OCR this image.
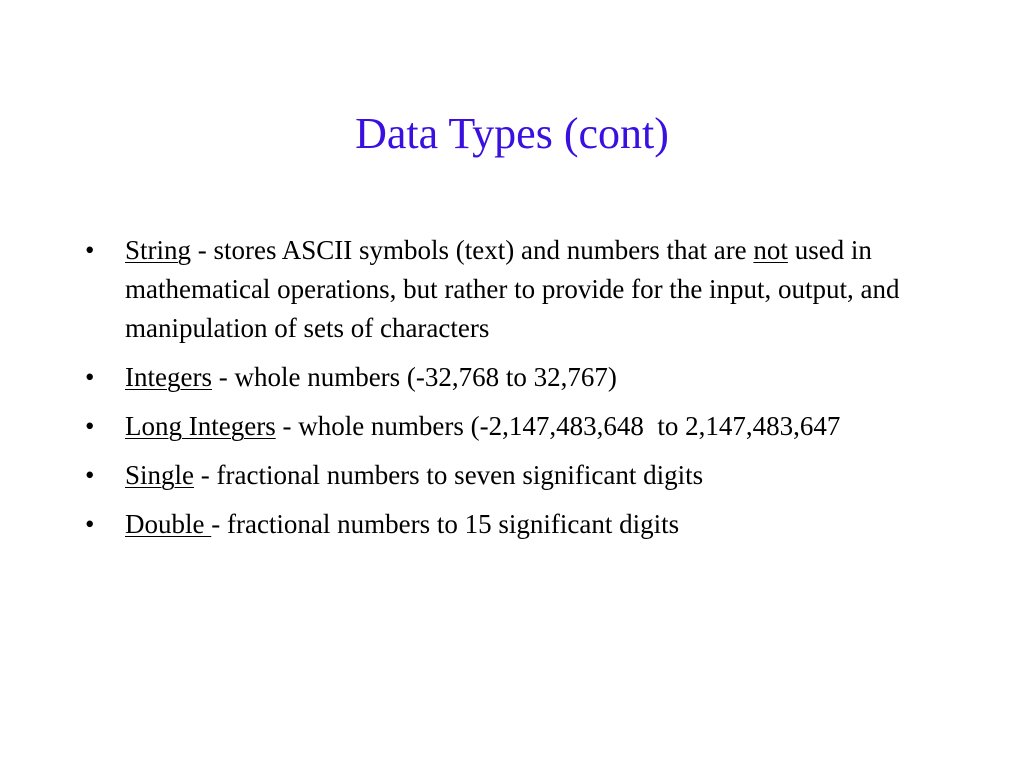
Data Types (cont)
• String - stores ASCII symbols (text) and numbers that are not used in  mathematical operations, but rather to provide for the input, output, and manipulation of sets of characters
• Integers - whole numbers (-32,768 to 32,767)
• Long Integers - whole numbers (-2,147,483,648  to 2,147,483,647
• Single - fractional numbers to seven significant digits
• Double - fractional numbers to 15 significant digits
